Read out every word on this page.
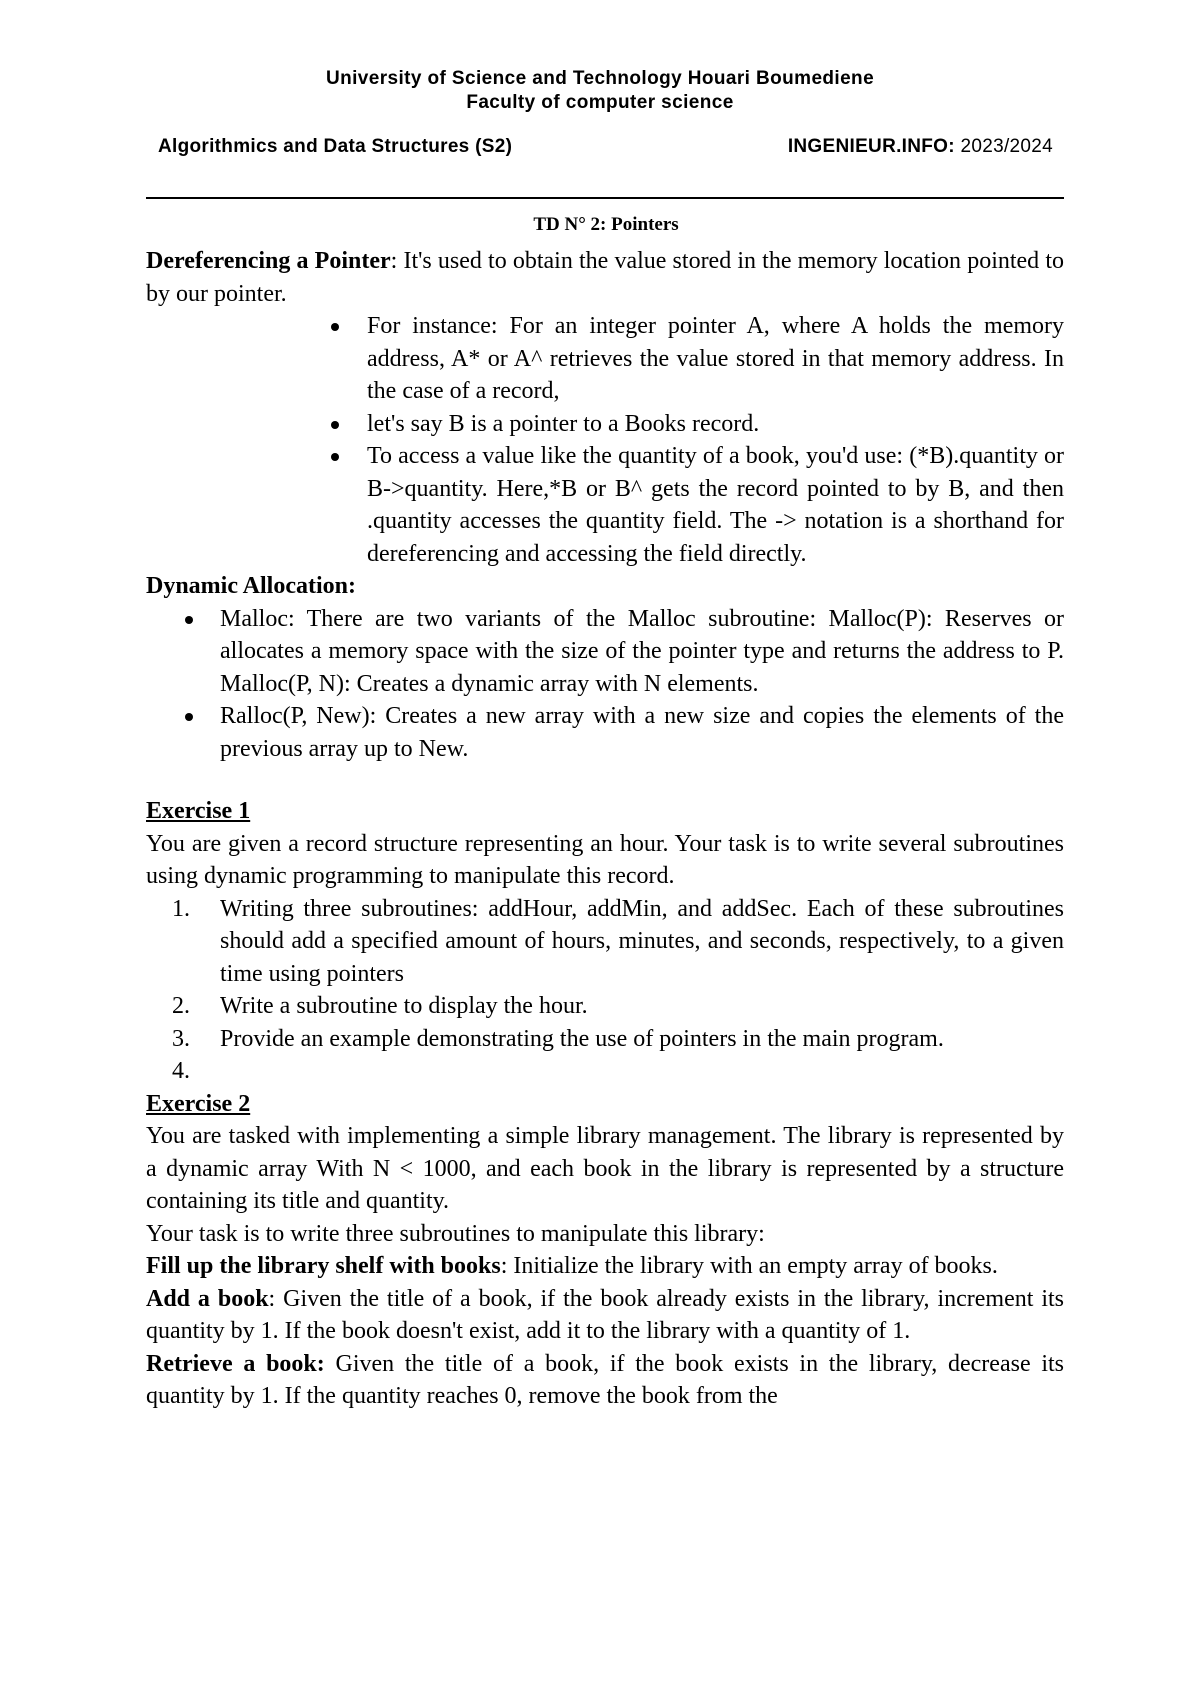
University of Science and Technology Houari Boumediene
Faculty of computer science
Algorithmics and Data Structures (S2)	INGENIEUR.INFO: 2023/2024
TD N° 2: Pointers

Dereferencing a Pointer: It's used to obtain the value stored in the memory location pointed to by our pointer.

For instance: For an integer pointer A, where A holds the memory address, A* or A^ retrieves the value stored in that memory address. In the case of a record,
let's say B is a pointer to a Books record.
To access a value like the quantity of a book, you'd use: (*B).quantity or B->quantity. Here,*B or B^ gets the record pointed to by B, and then .quantity accesses the quantity field. The -> notation is a shorthand for dereferencing and accessing the field directly.

Dynamic Allocation:

Malloc: There are two variants of the Malloc subroutine: Malloc(P): Reserves or allocates a memory space with the size of the pointer type and returns the address to P. Malloc(P, N): Creates a dynamic array with N elements.
Ralloc(P, New): Creates a new array with a new size and copies the elements of the previous array up to New.

Exercise 1

You are given a record structure representing an hour. Your task is to write several subroutines using dynamic programming to manipulate this record.

1. Writing three subroutines: addHour, addMin, and addSec. Each of these subroutines should add a specified amount of hours, minutes, and seconds, respectively, to a given time using pointers
2. Write a subroutine to display the hour.
3. Provide an example demonstrating the use of pointers in the main program.
4.

Exercise 2

You are tasked with implementing a simple library management. The library is represented by a dynamic array With N < 1000, and each book in the library is represented by a structure containing its title and quantity.

Your task is to write three subroutines to manipulate this library:

Fill up the library shelf with books: Initialize the library with an empty array of books.

Add a book: Given the title of a book, if the book already exists in the library, increment its quantity by 1. If the book doesn't exist, add it to the library with a quantity of 1.

Retrieve a book: Given the title of a book, if the book exists in the library, decrease its quantity by 1. If the quantity reaches 0, remove the book from the
